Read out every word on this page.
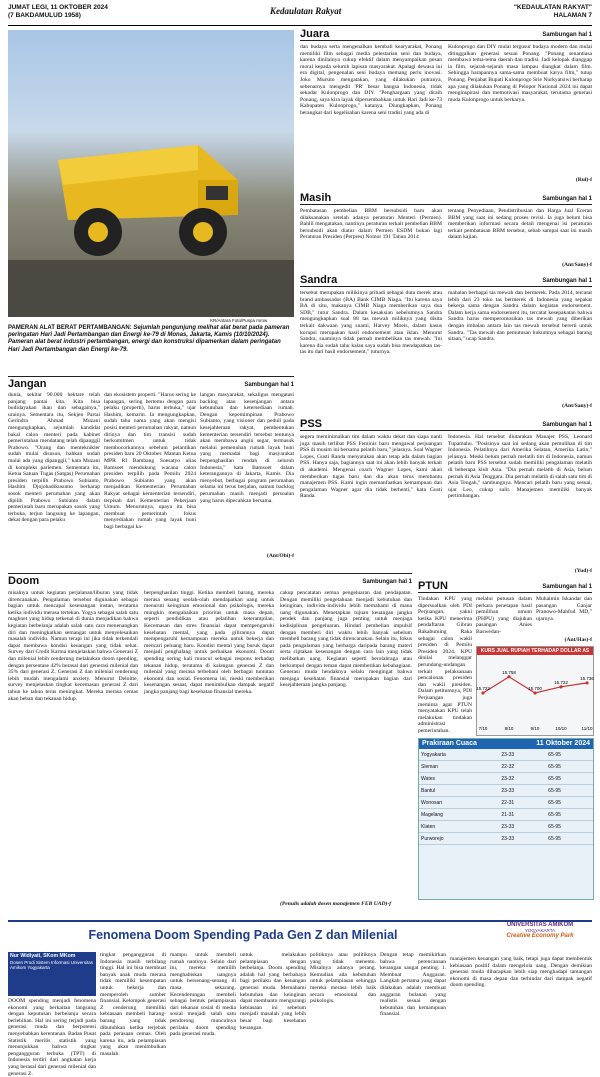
JUMAT LEGI, 11 OKTOBER 2024
(7 BAKDAMULUD 1958)	Kedaulatan Rakyat	"KEDAULATAN RAKYAT"
HALAMAN 7
KR/Antara Foto/Puspa mrow
PAMERAN ALAT BERAT PERTAMBANGAN: Sejumlah pengunjung melihat alat berat pada pameran peringatan Hari Jadi Pertambangan dan Energi ke-79 di Monas, Jakarta, Kamis (10/10/2024). Pameran alat berat industri pertambangan, energi dan konstruksi dipamerkan dalam peringatan Hari Jadi Pertambangan dan Energi ke-79.
Jangan	Sambungan hal 1
dunia, sekitar 90.000 hektare telah panjang pantai kita. Kita bisa budidayakan ikan dan sebagainya," urainya. Sementara itu, Sekjen Partai Gerindra Ahmad Muzani mengungkapkan, sejumlah kandidat bakal calon menteri pada kabinet pemerintahan mendatang telah dipanggil Prabowo. "Orang dan menteknikler sudah mulai disusun, bahkan sudah mulai ada yang dipanggil," kata Muzani di kompleks parlemen. Sementara itu, Ketua Satuan Tugas (Satgas) Perumahan presiden terpilih Prabowo Subianto, Hashim Djojohadikusumo berharap sosok menteri perumahan yang akan dipilih Prabowo Subianto dalam pemerintah baru merupakan sosok yang terbuka, terjun langsung ke lapangan, dekat dengan para pelaku
dan ekosistem properti. "Harus sering ke lapangan, sering bertemu dengan para pelaku (properti), harus terbuka," ujar Hashim, kemarin. Ia mengungkapkan, sudah tahu nama yang akan mengisi posisi menteri perumahan rakyat, namun dirinya dan tim transisi sudah berkomitmen untuk tidak membocorkannya sebelum pelantikan presiden baru 20 Oktober. Mantan Ketua MPR RI Bambang Soesatyo alias Bamsoet mendukung wacana calon presiden terpilih pada Pemilu 2024 Prabowo Subianto yang akan menjadikan Kementerian Perumahan Rakyat sebagai kementerian tersendiri, terpisah dari Kementerian Pekerjaan Umum. Menurutnya, upaya itu bisa membuat pemerintah fokus menyediakan rumah yang layak huni bagi berbagai ka-
langan masyarakat, sekaligus mengatasi backlog atau kesenjangan antara kebutuhan dan ketersediaan rumah. Dengan kepemimpinan Prabowo Subianto, yang visioner dan peduli pada kesejahteraan rakyat, pembentukan kementerian tersendiri tersebut tentunya akan membawa angin segar, termasuk melalui pemenuhan rumah layak huni yang memadai bagi masyarakat berpenghasilan rendah di seluruh Indonesia," kata Bamsoet dalam keterangannya di Jakarta, Kamis. Dia menyebut, berbagai program perumahan selama ini terus berjalan, namun backlog perumahan masih menjadi persoalan yang harus dipecahkan bersama.
(Ant/Obi)-f
Doom	Sambungan hal 1
misalnya untuk kegiatan perjalanan/liburan yang tidak direncanakan. Pengalaman tersebut digunakan sebagai bagian untuk mencapai kesenangan instan, terutama ketika individu merasa tertekan. Yogya sebagai salah satu maghnet yang hidup tetkenal di dunia menjadikan bahwa kegiatan berbelanja adalah salah satu cara menenangkan diri dan meningkatkan semangat untuk menyelesaikan masalah individu. Namun terapi ini jika tidak terkendali dapat membawa kondisi keuangan yang tidak sehat. Survey dari Credit Karma menjelaskan bahwa Generasi Z dan milenial lebih cenderung melakukan doom spending, dengan persentase 42% berasal dari generasi milenial dan 35% dari generasi Z. Generasi Z dan milenial cenderung lebih mudah mengalami anxiety. Menurut Deloitte, survey menjelaskan tingkat kecemasan generasi Z dari tahun ke tahun terus meningkat. Mereka merasa cemas akan beban dan tekanan hidup.
berpenghasilan tinggi. Ketika membeli barang, mereka merasa senang seolah-olah mendapatkan uang untuk menuruti keinginan emosional dan psikologis, mereka mungkin mengabaikan prioritas untuk masa depan, seperti pendidikan atau pelatihan keterampilan. Kecemasan dan stres finansial dapat mempengaruhi kesehatan mental, yang pada gilirannya dapat mempengaruhi kemampuan mereka untuk bekerja dan mencari peluang baru. Kondisi mental yang buruk dapat menjadi penghalang untuk perbaikan ekonomi. Doom spending sering kali muncul sebagai respons terhadap tekanan hidup, terutama di kalangan generasi Z dan milenial yang merasa terbebani oleh berbagai tuntutan ekonomi dan sosial. Fenomena ini, meski memberikan kesenangan sesaat, dapat menimbulkan dampak negatif jangka panjang bagi kesehatan finansial mereka.
cakup pencatatan semua pengeluaran dan pendapatan. Dengan memiliki pengetahuan menjadi kebutuhan dan keinginan, individu-individu lebih memahami di mana uang digunakan. Menetapkan tujuan keuangan jangka pendek dan panjang juga penting untuk menjaga kedisiplinan pengeluaran. Hindari pembelian impulsif dengan memberi diri waktu lebih banyak sebelum membeli barang yang tidak direncanakan. Selain itu, fokus pada pengalaman yang berharga daripada barang materi serta ciptakan kesenangan dengan cara lain yang tidak melibatkan uang. Kegiatan seperti berolahraga atau berkumpul dengan teman dapat memberikan kebahagiaan. Generasi muda hendaknya selalu mengingat bahwa menjaga kesehatan finansial merupakan bagian dari kesejahteraan jangka panjang.
(Penulis adalah dosen manajemen FEB UAD)-f
Juara	Sambungan hal 1
dan budaya serta mengenalkan kembali kearyarakat, Ponang memiliki film sebagai media pelestarian seni dan budaya, karena dinilainya cukup efektif dalam menyampaikan pesan moral kepada seluruh lapisan masyarakat. Apalagi dewasa ini era digital, pengenalan seni budaya memang perlu inovasi. Joko Mursito mengatakan, yang dilakukan putranya, sebenarnya mengedit 'PR' besar bangsa Indonesia, tidak sekadar Kulonprogo dan DIY. "Penghargaan yang diraih Ponang, saya kira layak dipersembahkan untuk Hari Jadi ke-73 Kabupaten Kulonprogo," katanya. Diungkapkan, Ponang berangkat dari kegelisahan karena seni tradisi yang ada di
Kulonprogo dan DIY mulai tergusur budaya modern dan mulai ditinggalkan generasi sesuai Ponang. "Ponang senantiasa membawa tema-tema daerah dan tradisi. Jadi kelopak dianggap ia film, sejarah-sejarah masa lampau diangkat dalam film. Sehingga harapannya sama-sama membuat karya film," tutup Ponang. Penjabat Bupati Kulonprogo Srie Nurkyatsiwi berharap apa yang dilakukan Ponang di Pelopor Nasional 2024 ini dapat menginspirasi dan memotivasi masyarakat, terutama generasi muda Kulonprogo untuk berkarya.
(Rul)-f
Masih	Sambungan hal 1
Pembatasan pembelian BBM bersubsidi baru akan dilaksanakan setelah adanya peraturan Menteri (Permen). Bahlil mengatakan, nantinya peraturan terkait pembelian BBM bersubsidi akan diatur dalam Permen ESDM bukan lagi Peraturan Presiden (Perpres) Nomor 191 Tahun 2014
tentang Penyediaan, Pendistribusian dan Harga Jual Eceran BBM yang saat ini sedang proses revisi. Ia juga belum bisa memberikan informasi secara detail mengenai isi peraturan terkait pembatasan BBM tersebut, sebab sampai saat ini masih dalam kajian.
(Ant/Sany)-f
Sandra	Sambungan hal 1
tersebut merupakan milikinya pribadi sebagai duta merek atau brand ambassador (BA) Bank CIMB Niaga. "Itu karena saya BA di situ, makanya CIMB Niaga memberikan saya dua SDB," tutur Sandra. Dalam kesaksian sebelumnya Sandra mengungkapkan soal 88 tas mewah miliknya yang disita terkait dakwaan yang suami, Harvey Moeis, dalam kasus korupsi merupakan hasil endorsement atau iklan. Menurut Sandra, suaminya tidak pernah membelikan tas mewah. "Ini karena dia sudah tahu kalau saya sudah bisa mendapatkan tas-tas itu dari hasil endorsement," tuturnya.
mahalan berbagai tas mewah dan bermerek. Pada 2014, tercatat lebih dari 23 toko tas bermerek di Indonesia yang sepakat bekerja sama dengan Sandra dalam kegiatan endorsement. Dalam kerja sama endorsement itu, tercatat kesepakatan bahwa Sandra harus memperomosikan tas mewah yang diberikan dengan imbalan antara lain tas mewah tersebut bererti untuk Sandra. "Tas mewah dan pemutusan hukumnya sebagai barang sitaan," ucap Sandra.
(Ant/Sany)-f
PSS	Sambungan hal 1
segera meminimalkan tim dalam waktu dekat dan siapa nanti juga masih terlibat PSS Feminis baru mengawal perjuangan PSS di musim ini bersama pelatih baru," jelasnya. Soal Wagner Lopes, Gusti Randa menyatakan akan tetap ada dalam bagian PSS. Hanya saja, bagiannya saat ini akan lebih banyak terkait di akademi. Mengenai coach Wagner Lopes, kami akan memberikan tugas baru dan dia akan terus membantu manajemen PSS. Kami ingin memanfaatkan kemampuan dan pengalaman Wagner agar dia tidak berhenti," kata Gusti Randa.
Indonesia. Hal tersebut diutarakan Manajer PSS, Leonard Tupamahu. "Posisinya saat ini sedang akan pemulihan di tim Indonesia. Pelatihnya dari Amerika Selatan, Amerika Latin," jelasnya. Meski belum pernah melatih tim di Indonesia, namun pelatih baru PSS tersebut sudah memiliki pengalaman melatih di beberapa klub Asia. "Dia pernah melatih di Asia, belum pernah di Asia Tenggara. Dia pernah melatih di salah satu tim di Asia Tengah," sambungnya. Mencari pelatih baru yang sesuai, ujar Leo, cukup sulit. Manajemen memiliki banyak pertimbangan.
(Yud)-f
PTUN	Sambungan hal 1
Tindakan KPU yang dipersoalkan oleh PDI Perjuangan, yakni ketika KPU menerima pendaftaran Gibran Rakabuming Raka sebagai calon wakil presiden di Pemilu Presiden 2024. KPU dinilai melanggar perundang-undangan terkait pelaksanaan pencalonan presiden dan wakil presiden. Dalam petitumnya, PDI Perjuangan juga meminta agar PTUN menyatakan KPU telah melakukan tindakan administrasi pemerintahan.
melalui putusan dalam perkara penetapan hasil pemilihan umum (PHPU) yang diajukan pasangan Anies Baswedan-
Muhaimin Iskandar dan pasangan Ganjar Pranowo-Mahfud MD," ujarnya.
(Ant/Has)-f
KURS JUAL RUPIAH TERHADAP DOLLAR AS
15.722
7/10
15.758
8/10
15.700
9/10
15.722
10/10
15.736
11/10
Prakiraan Cuaca	11 Oktober 2024
Yogyakarta	23-33	65-95
Sleman	22-32	65-95
Wates	23-32	65-95
Bantul	23-33	65-95
Wonosari	22-31	65-95
Magelang	21-31	65-95
Klaten	23-33	65-95
Purworejo	23-33	65-95
Fenomena Doom Spending Pada Gen Z dan Milenial
UNIVERSITAS AMIKOM
YOGYAKARTA
Creative Economy Park
Nur Widiyati, SKom MKom
Dosen Prodi Sistem Informasi Universitas Amikom Yogyakarta
DOOM spending menjadi fenomena ekonomi yang berkaitan langsung dengan keputusan berbelanja secara berlebihan. Hal ini sering terjadi pada generasi muda dan berpotensi menyebabkan kerentanan. Badan Pusat Statistik merilis statistik yang menunjukkan bahwa tingkat pengangguran terbuka (TPT) di Indonesia terdiri dari angkatan kerja yang berasal dari generasi milenial dan generasi Z.
tingkat pengangguran di Indonesia masih terbilang tinggi. Hal ini bisa membuat banyak anak muda merasa tidak memiliki kesempatan untuk bekerja dan memperoleh sumber finansial. Kelompok generasi Z cenderung memiliki kebiasaan membeli barang-barang yang tidak dibutuhkan ketika terjebak pada perasaan cemas. Oleh karena itu, ada pelampiasan yang akan menimbulkan masalah.
mampu untuk membeli rumah nantinya. Selain dari itu, mereka memilih menghabiskan uangnya untuk bersenang-senang di masa sekarang. Kecenderungan membeli sebagai bentuk pelampiasan dari tekanan sosial di media sosial menjadi salah satu pendorong munculnya perilaku doom spending pada generasi muda.
untuk melakukan pelampiasan dengan berbelanja. Doom spending adalah hal yang berbahaya bagi perilaku dan keuangan generasi muda. Memahami kebutuhan dan keinginan dapat membantu mengurangi kebiasaan ini sebelum menjadi masalah yang lebih besar bagi kesehatan keuangan.
politiknya atau politiknya yang tidak menentu. Misalnya adanya perang. Kemudian ada kebutuhan untuk pelampiasan sehingga mereka merasa lebih baik secara emosional dan psikologis.
Dengan tetap memikirkan bahwa perencanaan keuangan sangat penting. 1. Membuat Anggaran. Langkah pertama yang dapat dilakukan adalah membuat anggaran bulanan yang realistis sesuai dengan kebutuhan dan kemampuan finansial.
manajemen keuangan yang baik, tetapi juga dapat membentuk kebiasaan positif dalam mengelola uang. Dengan demikian generasi muda diharapkan lebih siap menghadapi tantangan ekonomi di masa depan dan terhindar dari dampak negatif doom spending.
